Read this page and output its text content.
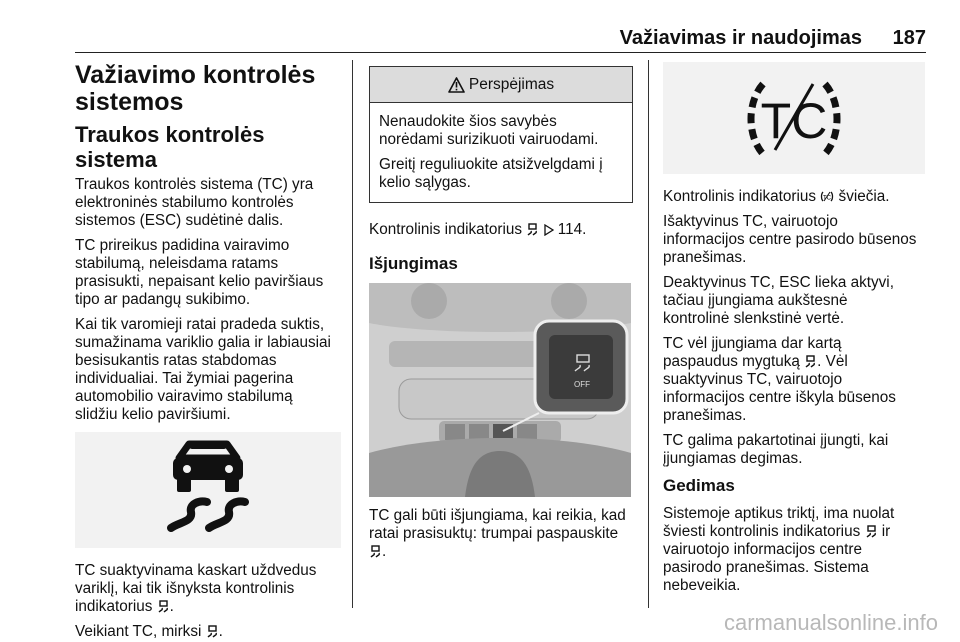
Važiavimas ir naudojimas	187
Važiavimo kontrolės
sistemos
Traukos kontrolės sistema

Traukos kontrolės sistema (TC) yra
elektroninės stabilumo kontrolės
sistemos (ESC) sudėtinė dalis.

TC prireikus padidina vairavimo
stabilumą, neleisdama ratams
prasisukti, nepaisant kelio paviršiaus
tipo ar padangų sukibimo.

Kai tik varomieji ratai pradeda suktis,
sumažinama variklio galia ir labiausiai
besisukantis ratas stabdomas
individualiai. Tai žymiai pagerina
automobilio vairavimo stabilumą
slidžiu kelio paviršiumi.

TC suaktyvinama kaskart uždvedus
variklį, kai tik išnyksta kontrolinis
indikatorius .

Veikiant TC, mirksi .

Perspėjimas

Nenaudokite šios savybės
norėdami surizikuoti vairuodami.

Greitį reguliuokite atsižvelgdami į
kelio sąlygas.

Kontrolinis indikatorius 114.

Išjungimas
OFF

TC gali būti išjungiama, kai reikia, kad
ratai prasisuktų: trumpai paspauskite
.

TC

Kontrolinis indikatorius TC šviečia.

Išaktyvinus TC, vairuotojo
informacijos centre pasirodo būsenos
pranešimas.

Deaktyvinus TC, ESC lieka aktyvi,
tačiau įjungiama aukštesnė
kontrolinė slenkstinė vertė.

TC vėl įjungiama dar kartą
paspaudus mygtuką . Vėl
suaktyvinus TC, vairuotojo
informacijos centre iškyla būsenos
pranešimas.

TC galima pakartotinai įjungti, kai
įjungiamas degimas.

Gedimas

Sistemoje aptikus triktį, ima nuolat
šviesti kontrolinis indikatorius ir
vairuotojo informacijos centre
pasirodo pranešimas. Sistema
nebeveikia.

carmanualsonline.info
